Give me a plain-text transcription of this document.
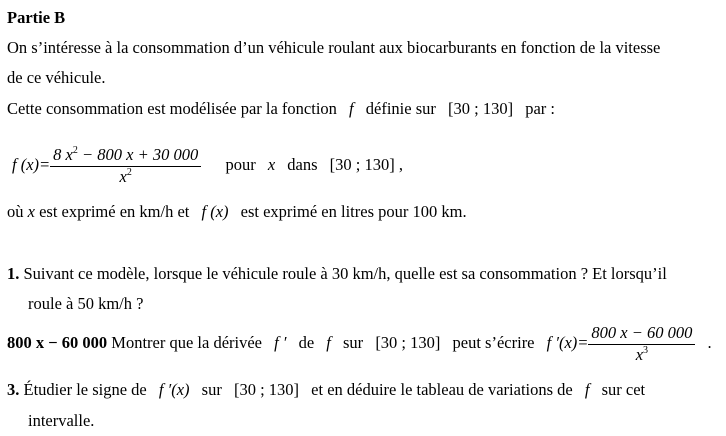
Partie B
On s’intéresse à la consommation d’un véhicule roulant aux biocarburants en fonction de la vitesse
de ce véhicule.
Cette consommation est modélisée par la fonction f définie sur [30 ; 130] par :
f $(x)= \frac{8 x^2 - 800 x + 30 000}{x^2}$ pour x dans [30 ; 130] ,
où x est exprimé en km/h et f (x) est exprimé en litres pour 100 km.
1. Suivant ce modèle, lorsque le véhicule roule à 30 km/h, quelle est sa consommation ? Et lorsqu’il
roule à 50 km/h ?
800 x − 60 000 Montrer que la dérivée f ′ de f sur [30 ; 130] peut s’écrire f $'(x)= \frac{800 x - 60 000}{x^3}$ .
3. Étudier le signe de f ′(x) sur [30 ; 130] et en déduire le tableau de variations de f sur cet
intervalle.
